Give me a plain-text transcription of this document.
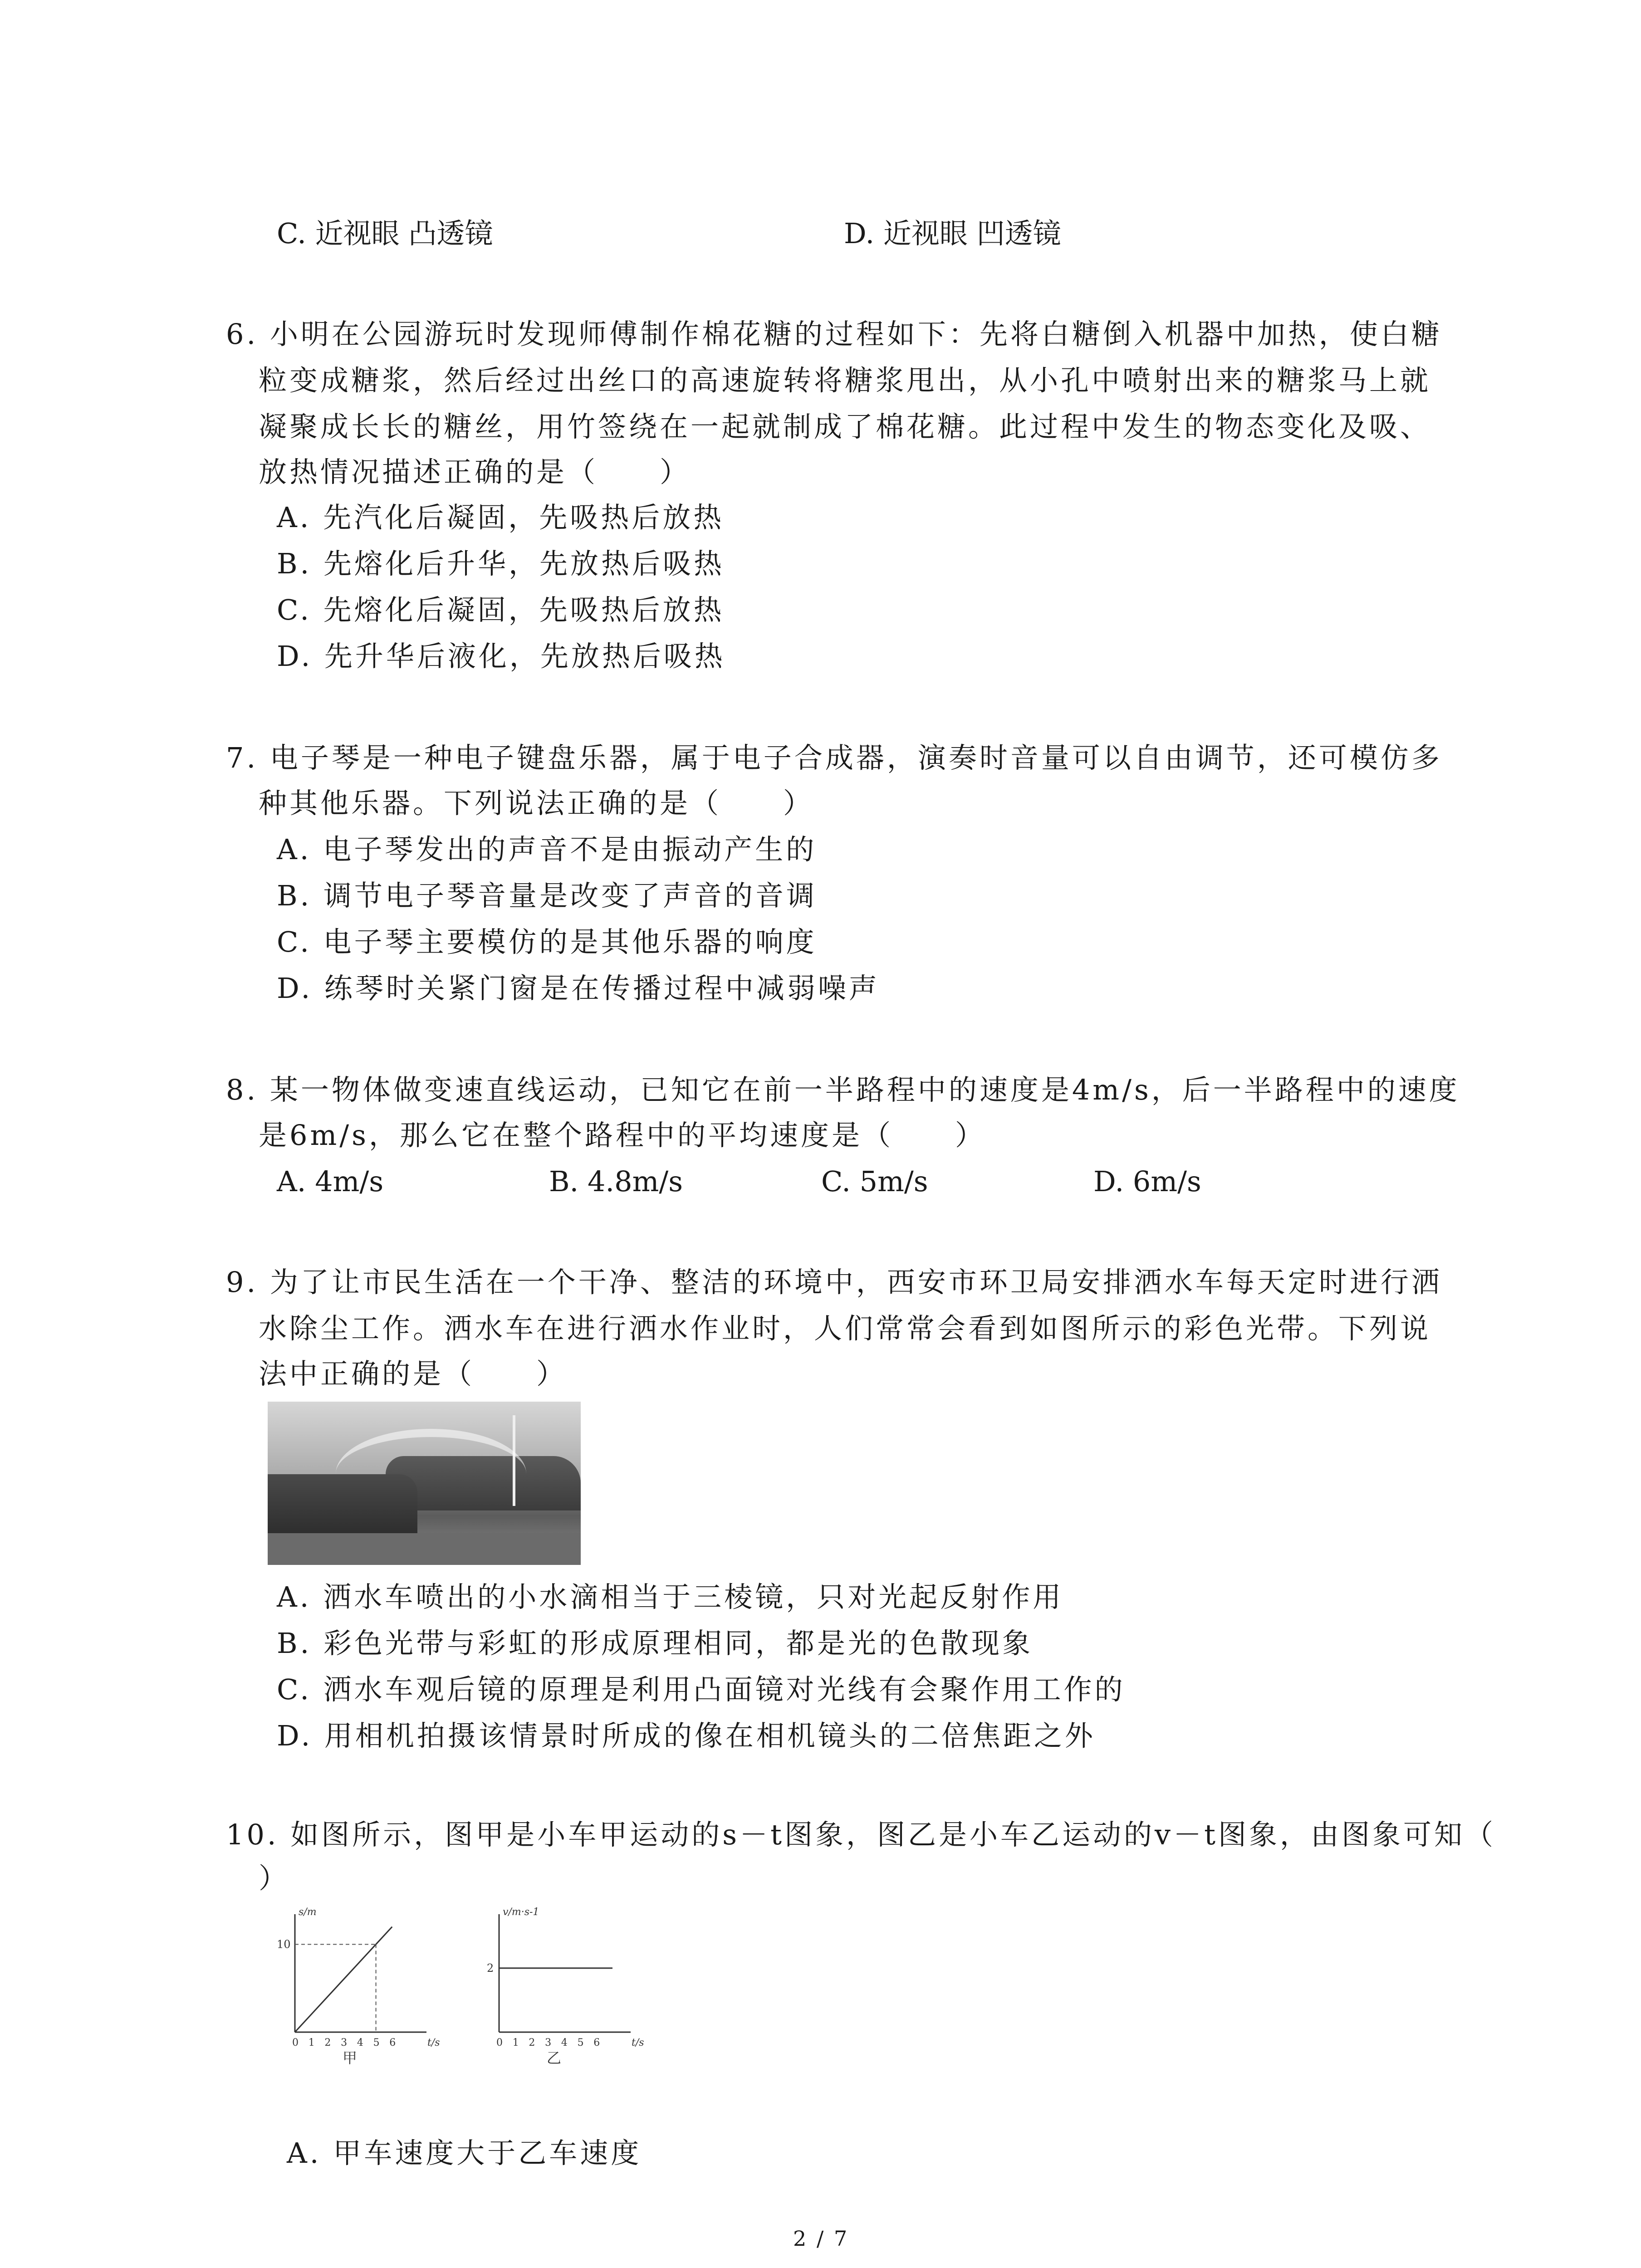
C. 近视眼 凸透镜	D. 近视眼 凹透镜
6. 小明在公园游玩时发现师傅制作棉花糖的过程如下：先将白糖倒入机器中加热，使白糖
粒变成糖浆，然后经过出丝口的高速旋转将糖浆甩出，从小孔中喷射出来的糖浆马上就
凝聚成长长的糖丝，用竹签绕在一起就制成了棉花糖。此过程中发生的物态变化及吸、
放热情况描述正确的是（　　）
A. 先汽化后凝固，先吸热后放热
B. 先熔化后升华，先放热后吸热
C. 先熔化后凝固，先吸热后放热
D. 先升华后液化，先放热后吸热
7. 电子琴是一种电子键盘乐器，属于电子合成器，演奏时音量可以自由调节，还可模仿多
种其他乐器。下列说法正确的是（　　）
A. 电子琴发出的声音不是由振动产生的
B. 调节电子琴音量是改变了声音的音调
C. 电子琴主要模仿的是其他乐器的响度
D. 练琴时关紧门窗是在传播过程中减弱噪声
8. 某一物体做变速直线运动，已知它在前一半路程中的速度是4m/s，后一半路程中的速度
是6m/s，那么它在整个路程中的平均速度是（　　）
A. 4m/s	B. 4.8m/s	C. 5m/s	D. 6m/s
9. 为了让市民生活在一个干净、整洁的环境中，西安市环卫局安排洒水车每天定时进行洒
水除尘工作。洒水车在进行洒水作业时，人们常常会看到如图所示的彩色光带。下列说
法中正确的是（　　）
A. 洒水车喷出的小水滴相当于三棱镜，只对光起反射作用
B. 彩色光带与彩虹的形成原理相同，都是光的色散现象
C. 洒水车观后镜的原理是利用凸面镜对光线有会聚作用工作的
D. 用相机拍摄该情景时所成的像在相机镜头的二倍焦距之外
10. 如图所示，图甲是小车甲运动的s－t图象，图乙是小车乙运动的v－t图象，由图象可知（
）
s/m
t/s
0 1 2 3 4 5 6
10
甲
v/m·s-1
t/s
0 1 2 3 4 5 6
2
乙
A. 甲车速度大于乙车速度
2 / 7
